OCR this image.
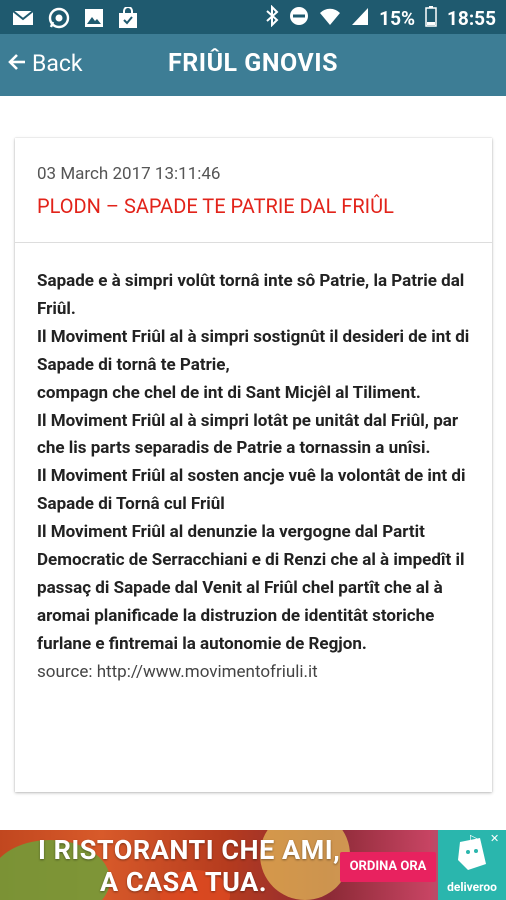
15% 18:55
Back	FRIÛL GNOVIS
03 March 2017 13:11:46
PLODN – SAPADE TE PATRIE DAL FRIÛL

Sapade e à simpri volût tornâ inte sô Patrie, la Patrie dal Friûl.

Il Moviment Friûl al à simpri sostignût il desideri de int di Sapade di tornâ te Patrie,

compagn che chel de int di Sant Micjêl al Tiliment.

Il Moviment Friûl al à simpri lotât pe unitât dal Friûl, par che lis parts separadis de Patrie a tornassin a unîsi.

Il Moviment Friûl al sosten ancje vuê la volontât de int di Sapade di Tornâ cul Friûl

Il Moviment Friûl al denunzie la vergogne dal Partit Democratic de Serracchiani e di Renzi che al à impedît il passaç di Sapade dal Venit al Friûl chel partît che al à aromai planificade la distruzion de identitât storiche furlane e fintremai la autonomie de Regjon.

source: http://www.movimentofriuli.it

I RISTORANTI CHE AMI,
A CASA TUA.	ORDINA ORA
deliveroo
▷ ✕
